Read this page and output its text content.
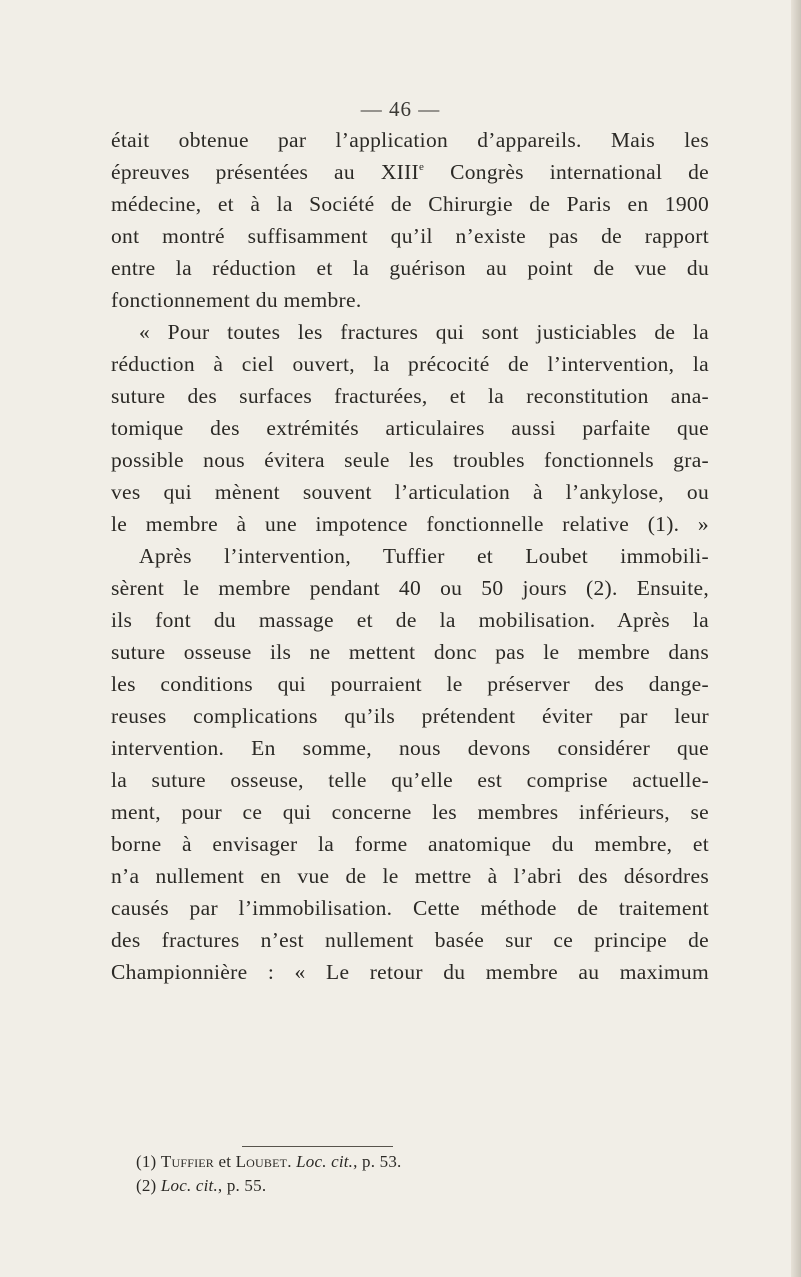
— 46 —
était obtenue par l’application d’appareils. Mais les
épreuves présentées au XIIIe Congrès international de
médecine, et à la Société de Chirurgie de Paris en 1900
ont montré suffisamment qu’il n’existe pas de rapport
entre la réduction et la guérison au point de vue du
fonctionnement du membre.
« Pour toutes les fractures qui sont justiciables de la
réduction à ciel ouvert, la précocité de l’intervention, la
suture des surfaces fracturées, et la reconstitution ana-
tomique des extrémités articulaires aussi parfaite que
possible nous évitera seule les troubles fonctionnels gra-
ves qui mènent souvent l’articulation à l’ankylose, ou
le membre à une impotence fonctionnelle relative (1). »
Après l’intervention, Tuffier et Loubet immobili-
sèrent le membre pendant 40 ou 50 jours (2). Ensuite,
ils font du massage et de la mobilisation. Après la
suture osseuse ils ne mettent donc pas le membre dans
les conditions qui pourraient le préserver des dange-
reuses complications qu’ils prétendent éviter par leur
intervention. En somme, nous devons considérer que
la suture osseuse, telle qu’elle est comprise actuelle-
ment, pour ce qui concerne les membres inférieurs, se
borne à envisager la forme anatomique du membre, et
n’a nullement en vue de le mettre à l’abri des désordres
causés par l’immobilisation. Cette méthode de traitement
des fractures n’est nullement basée sur ce principe de
Championnière : « Le retour du membre au maximum
(1) Tuffier et Loubet. Loc. cit., p. 53.
(2) Loc. cit., p. 55.
